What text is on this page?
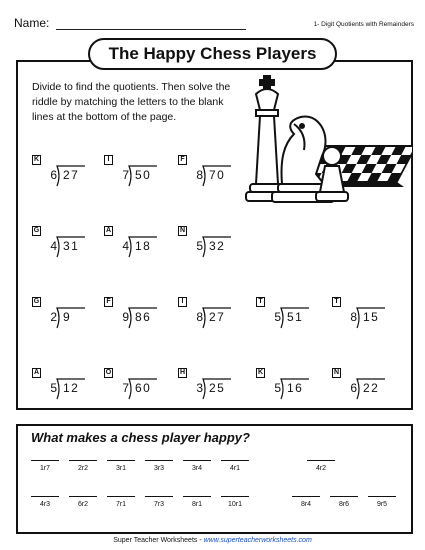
Name:	1- Digit Quotients with Remainders
The Happy Chess Players
Divide to find the quotients. Then solve the riddle by matching the letters to the blank lines at the bottom of the page.
K
6 27
I
7 50
F
8 70
G
4 31
A
4 18
N
5 32
G
2 9
F
9 86
I
8 27
T
5 51
T
8 15
A
5 12
O
7 60
H
3 25
K
5 16
N
6 22
What makes a chess player happy?
1r7	2r2	3r1	3r3	3r4	4r1	4r2
4r3	6r2	7r1	7r3	8r1	10r1	8r4	8r6	9r5
Super Teacher Worksheets - www.superteacherworksheets.com
